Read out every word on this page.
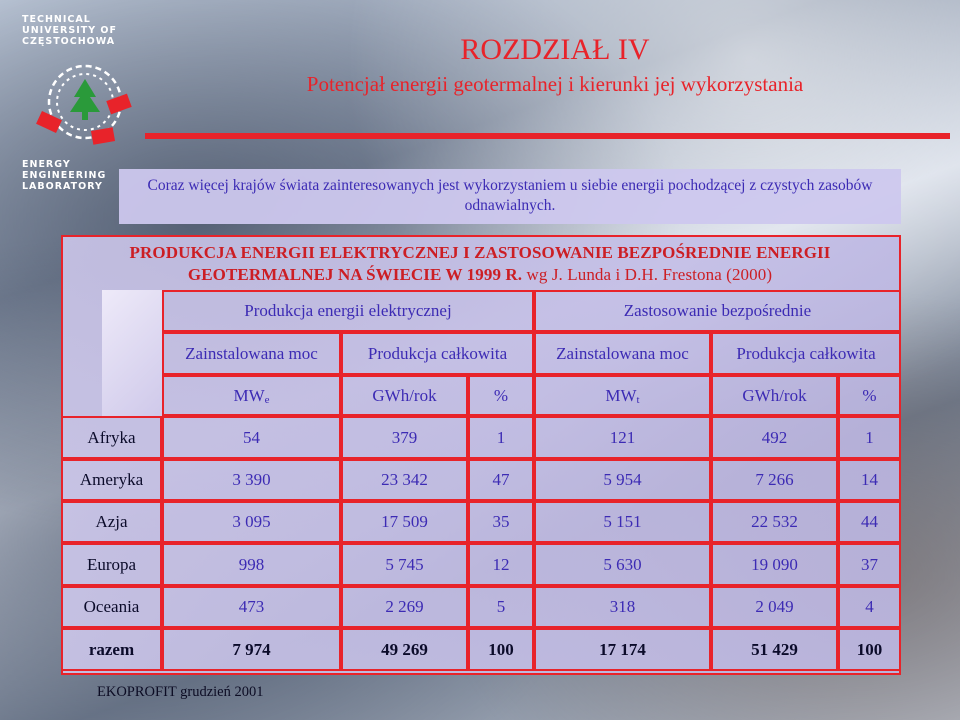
TECHNICAL UNIVERSITY OF CZĘSTOCHOWA
ENERGY ENGINEERING LABORATORY
ROZDZIAŁ IV
Potencjał energii geotermalnej i kierunki jej wykorzystania
Coraz więcej krajów świata zainteresowanych jest wykorzystaniem u siebie energii pochodzącej z czystych zasobów odnawialnych.
PRODUKCJA ENERGII ELEKTRYCZNEJ I ZASTOSOWANIE BEZPOŚREDNIE ENERGII GEOTERMALNEJ NA ŚWIECIE W 1999 R. wg J. Lunda i D.H. Frestona (2000)
Produkcja energii elektrycznej	Zastosowanie bezpośrednie
Zainstalowana moc	Produkcja całkowita	Zainstalowana moc	Produkcja całkowita
$MW_e$	GWh/rok	%	$MW_t$	GWh/rok	%
Afryka	54	379	1	121	492	1
Ameryka	3 390	23 342	47	5 954	7 266	14
Azja	3 095	17 509	35	5 151	22 532	44
Europa	998	5 745	12	5 630	19 090	37
Oceania	473	2 269	5	318	2 049	4
razem	7 974	49 269	100	17 174	51 429	100
EKOPROFIT grudzień 2001
